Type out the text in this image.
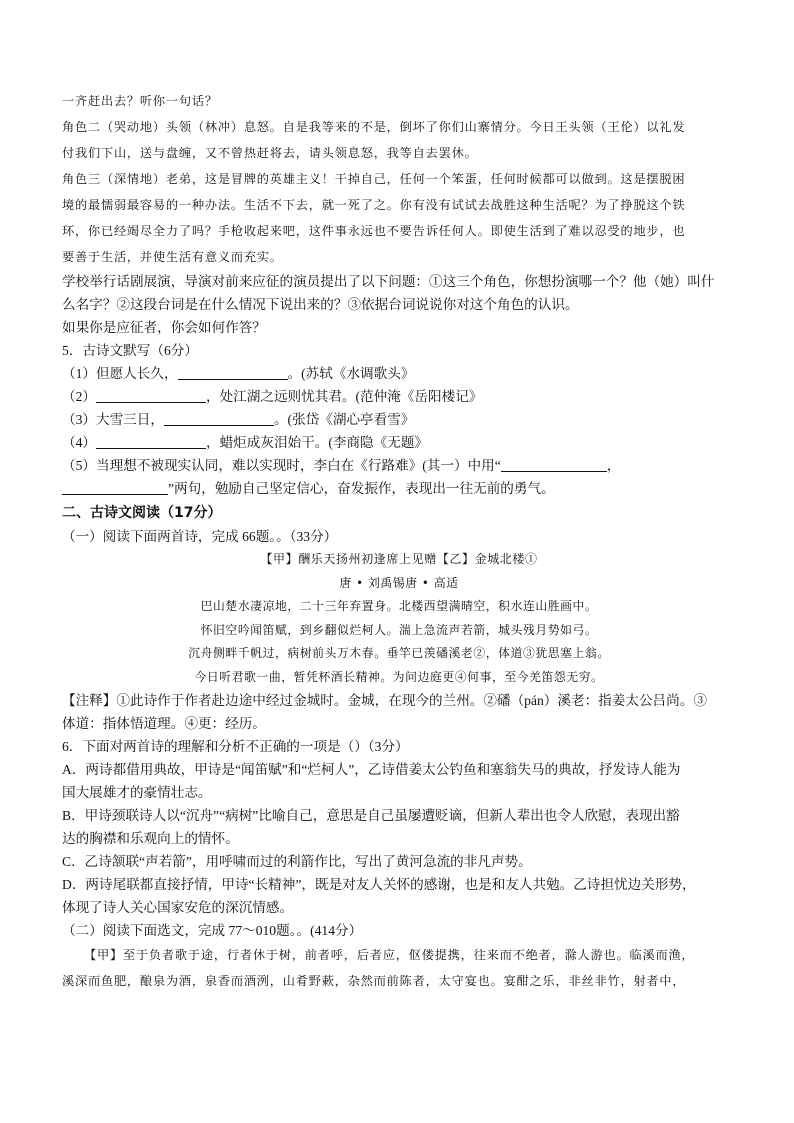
一齐赶出去？听你一句话？
角色二（哭动地）头领（林冲）息怒。自是我等来的不是，倒坏了你们山寨情分。今日王头领（王伦）以礼发
付我们下山，送与盘缠，又不曾热赶将去，请头领息怒，我等自去罢休。
角色三（深情地）老弟，这是冒牌的英雄主义！干掉自己，任何一个笨蛋，任何时候都可以做到。这是摆脱困
境的最懦弱最容易的一种办法。生活不下去，就一死了之。你有没有试试去战胜这种生活呢？为了挣脱这个铁
环，你已经竭尽全力了吗？手枪收起来吧，这件事永远也不要告诉任何人。即使生活到了难以忍受的地步，也
要善于生活，并使生活有意义而充实。
学校举行话剧展演，导演对前来应征的演员提出了以下问题：①这三个角色，你想扮演哪一个？他（她）叫什
么名字？②这段台词是在什么情况下说出来的？③依据台词说说你对这个角色的认识。
如果你是应征者，你会如何作答？
5．古诗文默写（6分）
（1）但愿人长久，	。(苏轼《水调歌头》
（2）	，处江湖之远则忧其君。(范仲淹《岳阳楼记》
（3）大雪三日，	。(张岱《湖心亭看雪》
（4）	，蜡炬成灰泪始干。(李商隐《无题》
（5）当理想不被现实认同，难以实现时，李白在《行路难》(其一）中用“	，
”两句，勉励自己坚定信心，奋发振作，表现出一往无前的勇气。
二、古诗文阅读（17分）
（一）阅读下面两首诗，完成 66题。。（33分）
【甲】酬乐天扬州初逢席上见赠【乙】金城北楼①
唐 • 刘禹锡唐 • 高适
巴山楚水凄凉地，二十三年弃置身。北楼西望满晴空，积水连山胜画中。
怀旧空吟闻笛赋，到乡翻似烂柯人。湍上急流声若箭，城头残月势如弓。
沉舟侧畔千帆过，病树前头万木春。垂竿已羡磻溪老②，体道③犹思塞上翁。
今日听君歌一曲，暂凭杯酒长精神。为问边庭更④何事，至今羌笛怨无穷。
【注释】①此诗作于作者赴边途中经过金城时。金城，在现今的兰州。②磻（pán）溪老：指姜太公吕尚。③
体道：指体悟道理。④更：经历。
6．下面对两首诗的理解和分析不正确的一项是（）（3分）
A．两诗都借用典故，甲诗是“闻笛赋”和“烂柯人”，乙诗借姜太公钓鱼和塞翁失马的典故，抒发诗人能为
国大展雄才的豪情壮志。
B．甲诗颈联诗人以“沉舟”“病树”比喻自己，意思是自己虽屡遭贬谪，但新人辈出也令人欣慰，表现出豁
达的胸襟和乐观向上的情怀。
C．乙诗颔联“声若箭”，用呼啸而过的利箭作比，写出了黄河急流的非凡声势。
D．两诗尾联都直接抒情，甲诗“长精神”，既是对友人关怀的感谢，也是和友人共勉。乙诗担忧边关形势，
体现了诗人关心国家安危的深沉情感。
（二）阅读下面选文，完成 77～010题。。(414分）
【甲】至于负者歌于途，行者休于树，前者呼，后者应，伛偻提携，往来而不绝者，滁人游也。临溪而渔，
溪深而鱼肥，酿泉为酒，泉香而酒洌，山肴野蔌，杂然而前陈者，太守宴也。宴酣之乐，非丝非竹，射者中，
